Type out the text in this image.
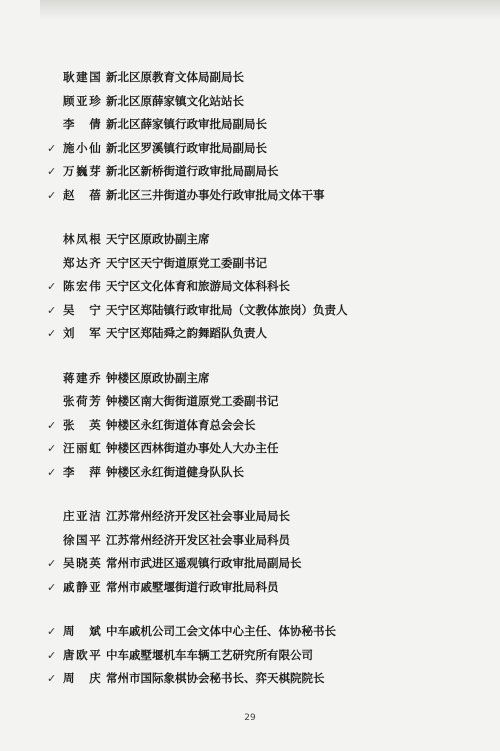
耿建国 新北区原教育文体局副局长
顾亚珍 新北区原薛家镇文化站站长
李倩 新北区薛家镇行政审批局副局长
✓ 施小仙 新北区罗溪镇行政审批局副局长
✓ 万巍芽 新北区新桥街道行政审批局副局长
✓ 赵蓓 新北区三井街道办事处行政审批局文体干事
林凤根 天宁区原政协副主席
郑达齐 天宁区天宁街道原党工委副书记
✓ 陈宏伟 天宁区文化体育和旅游局文体科科长
✓ 吴宁 天宁区郑陆镇行政审批局（文教体旅岗）负责人
✓ 刘军 天宁区郑陆舜之韵舞蹈队负责人
蒋建乔 钟楼区原政协副主席
张荷芳 钟楼区南大街街道原党工委副书记
✓ 张英 钟楼区永红街道体育总会会长
✓ 汪丽虹 钟楼区西林街道办事处人大办主任
✓ 李萍 钟楼区永红街道健身队队长
庄亚洁 江苏常州经济开发区社会事业局局长
徐国平 江苏常州经济开发区社会事业局科员
✓ 吴晓英 常州市武进区遥观镇行政审批局副局长
✓ 戚静亚 常州市戚墅堰街道行政审批局科员
✓ 周斌 中车戚机公司工会文体中心主任、体协秘书长
✓ 唐欧平 中车戚墅堰机车车辆工艺研究所有限公司
✓ 周庆 常州市国际象棋协会秘书长、弈天棋院院长
29
